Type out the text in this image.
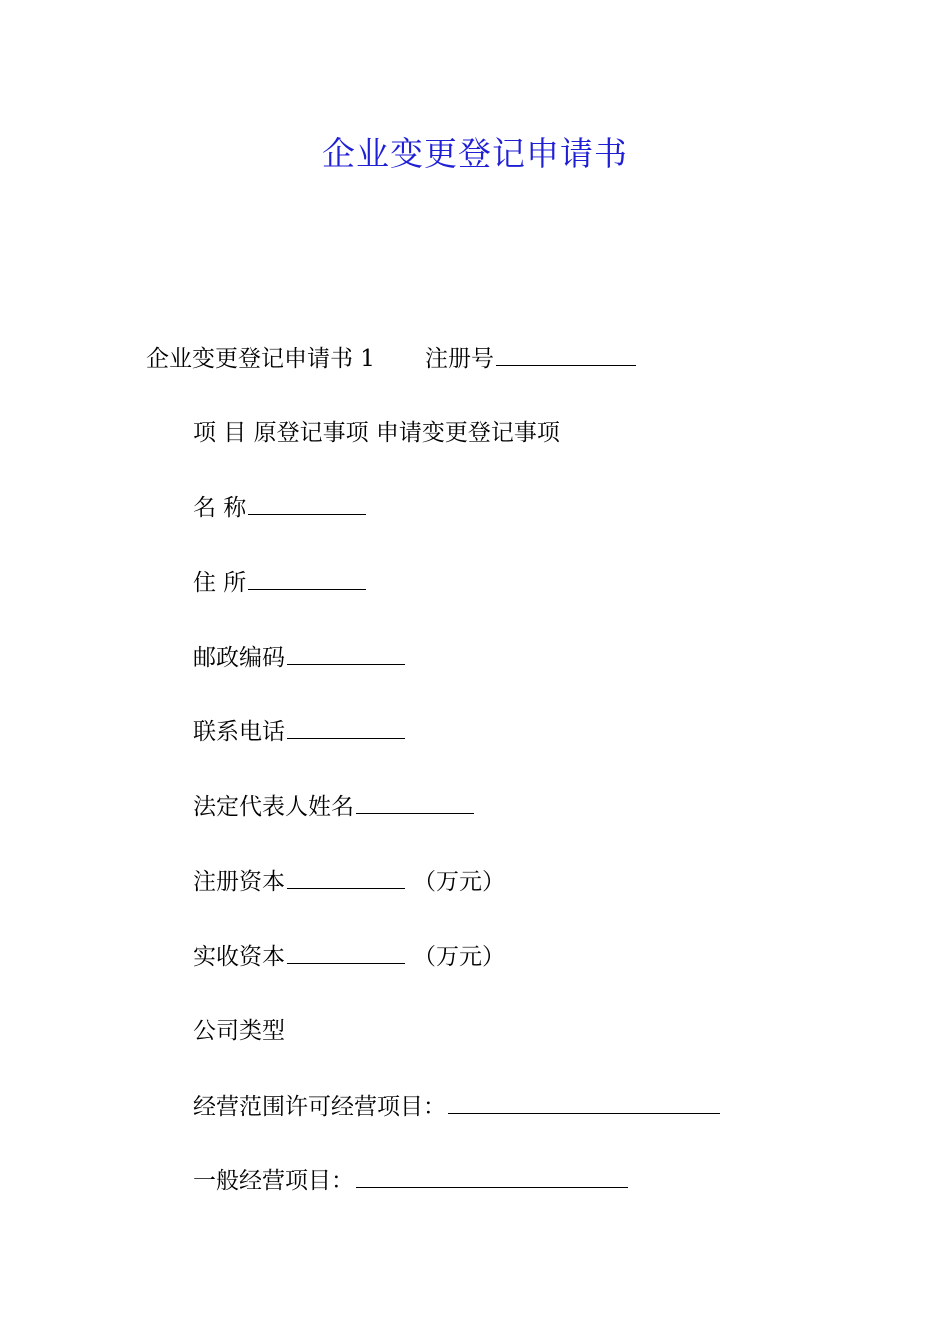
企业变更登记申请书
企业变更登记申请书 1 注册号
项 目 原登记事项 申请变更登记事项
名 称
住 所
邮政编码
联系电话
法定代表人姓名
注册资本	（万元）
实收资本	（万元）
公司类型
经营范围许可经营项目：
一般经营项目：
